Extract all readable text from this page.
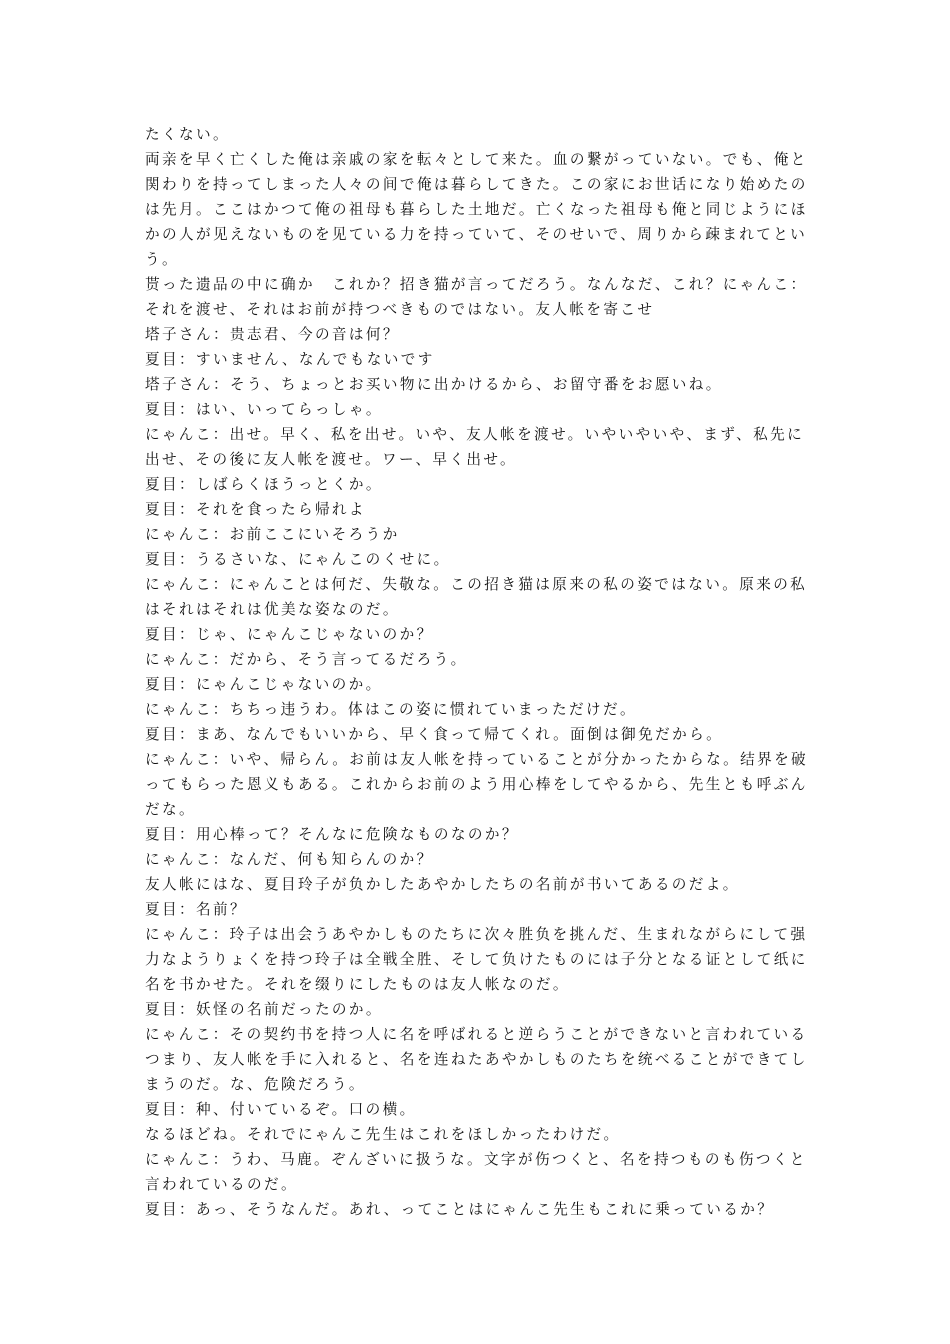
たくない。
両亲を早く亡くした俺は亲戚の家を転々として来た。血の繋がっていない。でも、俺と
関わりを持ってしまった人々の间で俺は暮らしてきた。この家にお世话になり始めたの
は先月。ここはかつて俺の祖母も暮らした土地だ。亡くなった祖母も俺と同じようにほ
かの人が见えないものを见ている力を持っていて、そのせいで、周りから疎まれてとい
う。
贳った遗品の中に确か　これか？招き猫が言ってだろう。なんなだ、これ？にゃんこ：
それを渡せ、それはお前が持つべきものではない。友人帐を寄こせ
塔子さん：贵志君、今の音は何？
夏目：すいません、なんでもないです
塔子さん：そう、ちょっとお买い物に出かけるから、お留守番をお愿いね。
夏目：はい、いってらっしゃ。
にゃんこ：出せ。早く、私を出せ。いや、友人帐を渡せ。いやいやいや、まず、私先に
出せ、その後に友人帐を渡せ。ワー、早く出せ。
夏目：しばらくほうっとくか。
夏目：それを食ったら帰れよ
にゃんこ：お前ここにいそろうか
夏目：うるさいな、にゃんこのくせに。
にゃんこ：にゃんことは何だ、失敬な。この招き猫は原来の私の姿ではない。原来の私
はそれはそれは优美な姿なのだ。
夏目：じゃ、にゃんこじゃないのか？
にゃんこ：だから、そう言ってるだろう。
夏目：にゃんこじゃないのか。
にゃんこ：ちちっ违うわ。体はこの姿に惯れていまっただけだ。
夏目：まあ、なんでもいいから、早く食って帰てくれ。面倒は御免だから。
にゃんこ：いや、帰らん。お前は友人帐を持っていることが分かったからな。结界を破
ってもらった恩义もある。これからお前のよう用心棒をしてやるから、先生とも呼ぶん
だな。
夏目：用心棒って？そんなに危険なものなのか？
にゃんこ：なんだ、何も知らんのか？
友人帐にはな、夏目玲子が负かしたあやかしたちの名前が书いてあるのだよ。
夏目：名前？
にゃんこ：玲子は出会うあやかしものたちに次々胜负を挑んだ、生まれながらにして强
力なようりょくを持つ玲子は全戦全胜、そして负けたものには子分となる证として纸に
名を书かせた。それを缀りにしたものは友人帐なのだ。
夏目：妖怪の名前だったのか。
にゃんこ：その契约书を持つ人に名を呼ばれると逆らうことができないと言われている
つまり、友人帐を手に入れると、名を连ねたあやかしものたちを统べることができてし
まうのだ。な、危険だろう。
夏目：种、付いているぞ。口の横。
なるほどね。それでにゃんこ先生はこれをほしかったわけだ。
にゃんこ：うわ、马鹿。ぞんざいに扱うな。文字が伤つくと、名を持つものも伤つくと
言われているのだ。
夏目：あっ、そうなんだ。あれ、ってことはにゃんこ先生もこれに乗っているか？
